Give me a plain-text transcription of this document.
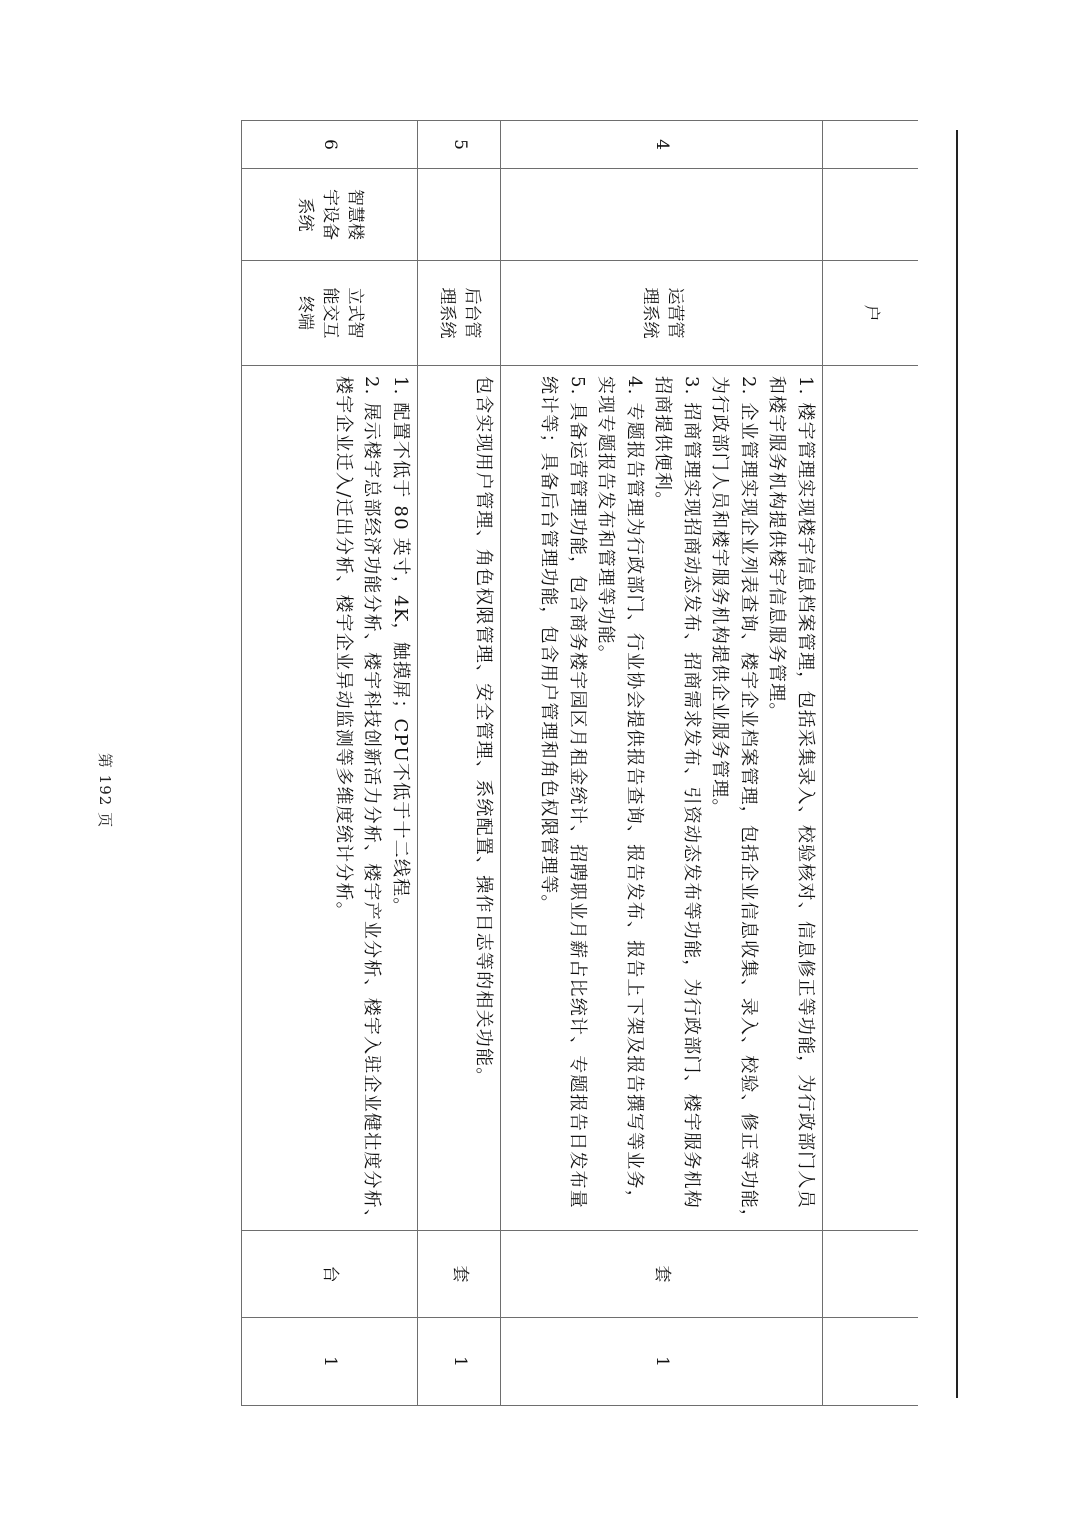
户
4
运营管理系统
1. 楼宇管理实现楼宇信息档案管理，包括采集录入、校验核对、信息修正等功能，为行政部门人员
和楼宇服务机构提供楼宇信息服务管理。
2. 企业管理实现企业列表查询、楼宇企业档案管理，包括企业信息收集、录入、校验、修正等功能，
为行政部门人员和楼宇服务机构提供企业服务管理。
3. 招商管理实现招商动态发布、招商需求发布、引资动态发布等功能，为行政部门、楼宇服务机构
招商提供便利。
4. 专题报告管理为行政部门、行业协会提供报告查询、报告发布、报告上下架及报告撰写等业务，
实现专题报告发布和管理等功能。
5. 具备运营管理功能，包含商务楼宇园区月租金统计、招聘职业月薪占比统计、专题报告日发布量
统计等；具备后台管理功能，包含用户管理和角色权限管理等。
套
1
5
后台管理系统
包含实现用户管理、角色权限管理、安全管理、系统配置、操作日志等的相关功能。
套
1
6
智慧楼宇设备系统
立式智能交互终端
1. 配置不低于 80 英寸，4K，触摸屏；CPU不低于十二线程。
2. 展示楼宇总部经济功能分析、楼宇科技创新活力分析、楼宇产业分析、楼宇入驻企业健壮度分析、
楼宇企业迁入/迁出分析、楼宇企业异动监测等多维度统计分析。
台
1
第 192 页
